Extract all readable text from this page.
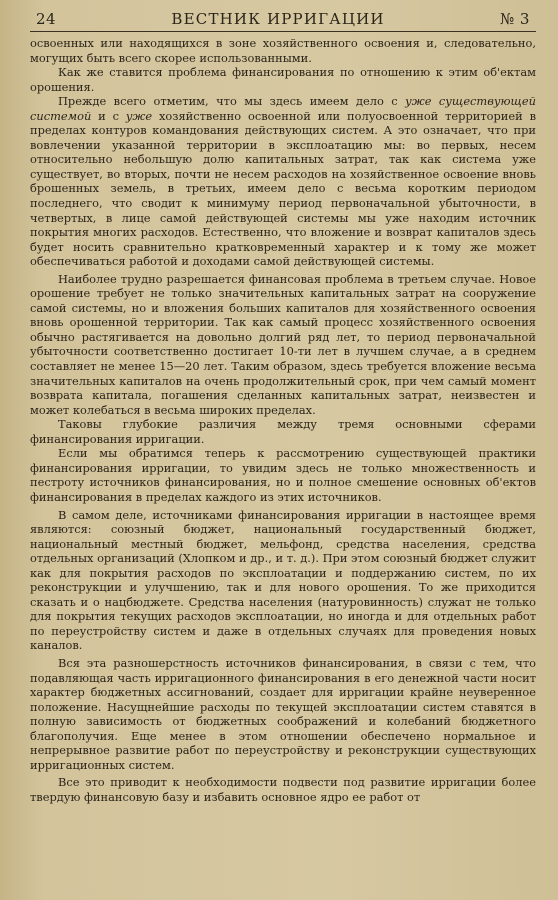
24	ВЕСТНИК ИРРИГАЦИИ	№ 3

освоенных или находящихся в зоне хозяйственного освоения и, следовательно, могущих быть всего скорее использованными.

Как же ставится проблема финансирования по отношению к этим об'ектам орошения.

Прежде всего отметим, что мы здесь имеем дело с уже существующей системой и с уже хозяйственно освоенной или полуосвоенной территорией в пределах контуров командования действующих систем. А это означает, что при вовлечении указанной территории в эксплоатацию мы: во первых, несем относительно небольшую долю капитальных затрат, так как система уже существует, во вторых, почти не несем расходов на хозяйственное освоение вновь брошенных земель, в третьих, имеем дело с весьма коротким периодом последнего, что сводит к минимуму период первоначальной убыточности, в четвертых, в лице самой действующей системы мы уже находим источник покрытия многих расходов. Естественно, что вложение и возврат капиталов здесь будет носить сравнительно кратковременный характер и к тому же может обеспечиваться работой и доходами самой действующей системы.

Наиболее трудно разрешается финансовая проблема в третьем случае. Новое орошение требует не только значительных капитальных затрат на сооружение самой системы, но и вложения больших капиталов для хозяйственного освоения вновь орошенной территории. Так как самый процесс хозяйственного освоения обычно растягивается на довольно долгий ряд лет, то период первоначальной убыточности соответственно достигает 10-ти лет в лучшем случае, а в среднем составляет не менее 15—20 лет. Таким образом, здесь требуется вложение весьма значительных капиталов на очень продолжительный срок, при чем самый момент возврата капитала, погашения сделанных капитальных затрат, неизвестен и может колебаться в весьма широких пределах.

Таковы глубокие различия между тремя основными сферами финансирования ирригации.

Если мы обратимся теперь к рассмотрению существующей практики финансирования ирригации, то увидим здесь не только множественность и пестроту источников финансирования, но и полное смешение основных об'ектов финансирования в пределах каждого из этих источников.

В самом деле, источниками финансирования ирригации в настоящее время являются: союзный бюджет, национальный государственный бюджет, национальный местный бюджет, мельфонд, средства населения, средства отдельных организаций (Хлопком и др., и т. д.). При этом союзный бюджет служит как для покрытия расходов по эксплоатации и поддержанию систем, по их реконструкции и улучшению, так и для нового орошения. То же приходится сказать и о нацбюджете. Средства населения (натуровинность) служат не только для покрытия текущих расходов эксплоатации, но иногда и для отдельных работ по переустройству систем и даже в отдельных случаях для проведения новых каналов.

Вся эта разношерстность источников финансирования, в связи с тем, что подавляющая часть ирригационного финансирования в его денежной части носит характер бюджетных ассигнований, создает для ирригации крайне неуверенное положение. Насущнейшие расходы по текущей эксплоатации систем ставятся в полную зависимость от бюджетных соображений и колебаний бюджетного благополучия. Еще менее в этом отношении обеспечено нормальное и непрерывное развитие работ по переустройству и реконструкции существующих ирригационных систем.

Все это приводит к необходимости подвести под развитие ирригации более твердую финансовую базу и избавить основное ядро ее работ от
